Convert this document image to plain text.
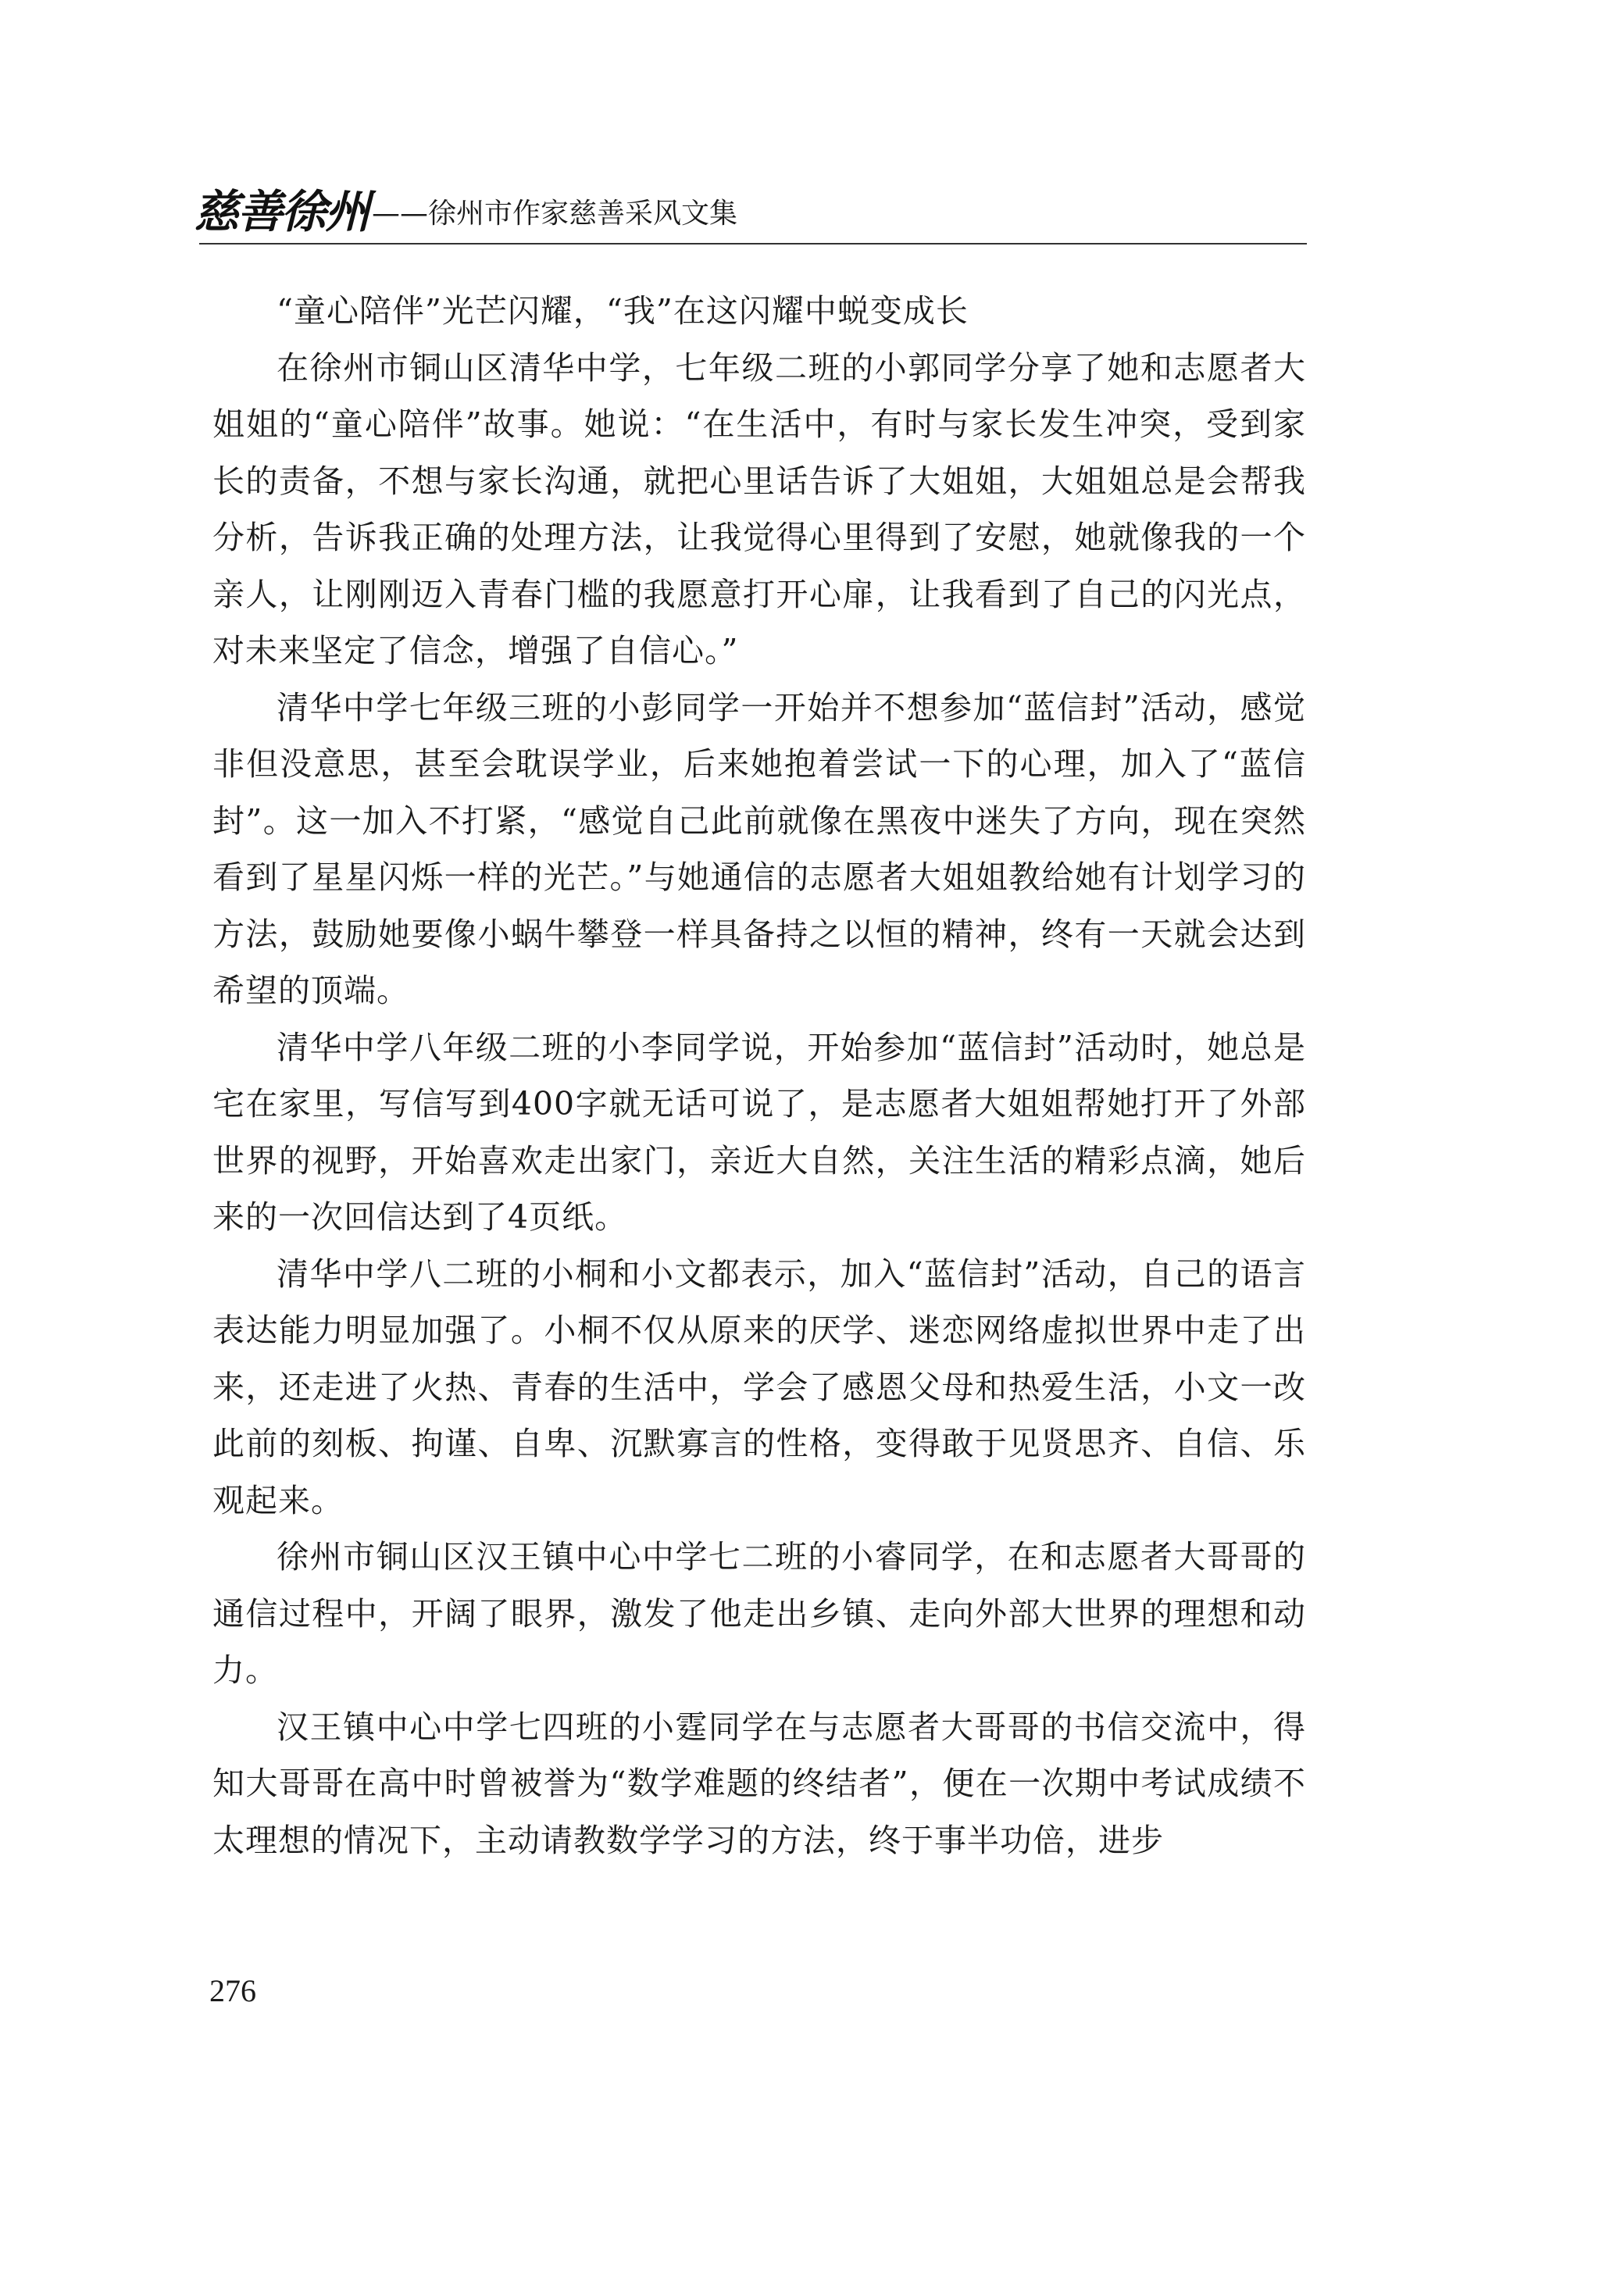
慈善徐州 ——徐州市作家慈善采风文集

“童心陪伴”光芒闪耀，“我”在这闪耀中蜕变成长

在徐州市铜山区清华中学，七年级二班的小郭同学分享了她和志愿者大姐姐的“童心陪伴”故事。她说：“在生活中，有时与家长发生冲突，受到家长的责备，不想与家长沟通，就把心里话告诉了大姐姐，大姐姐总是会帮我分析，告诉我正确的处理方法，让我觉得心里得到了安慰，她就像我的一个亲人，让刚刚迈入青春门槛的我愿意打开心扉，让我看到了自己的闪光点，对未来坚定了信念，增强了自信心。”

清华中学七年级三班的小彭同学一开始并不想参加“蓝信封”活动，感觉非但没意思，甚至会耽误学业，后来她抱着尝试一下的心理，加入了“蓝信封”。这一加入不打紧，“感觉自己此前就像在黑夜中迷失了方向，现在突然看到了星星闪烁一样的光芒。”与她通信的志愿者大姐姐教给她有计划学习的方法，鼓励她要像小蜗牛攀登一样具备持之以恒的精神，终有一天就会达到希望的顶端。

清华中学八年级二班的小李同学说，开始参加“蓝信封”活动时，她总是宅在家里，写信写到400字就无话可说了，是志愿者大姐姐帮她打开了外部世界的视野，开始喜欢走出家门，亲近大自然，关注生活的精彩点滴，她后来的一次回信达到了4页纸。

清华中学八二班的小桐和小文都表示，加入“蓝信封”活动，自己的语言表达能力明显加强了。小桐不仅从原来的厌学、迷恋网络虚拟世界中走了出来，还走进了火热、青春的生活中，学会了感恩父母和热爱生活，小文一改此前的刻板、拘谨、自卑、沉默寡言的性格，变得敢于见贤思齐、自信、乐观起来。

徐州市铜山区汉王镇中心中学七二班的小睿同学，在和志愿者大哥哥的通信过程中，开阔了眼界，激发了他走出乡镇、走向外部大世界的理想和动力。

汉王镇中心中学七四班的小霆同学在与志愿者大哥哥的书信交流中，得知大哥哥在高中时曾被誉为“数学难题的终结者”，便在一次期中考试成绩不太理想的情况下，主动请教数学学习的方法，终于事半功倍，进步

276
